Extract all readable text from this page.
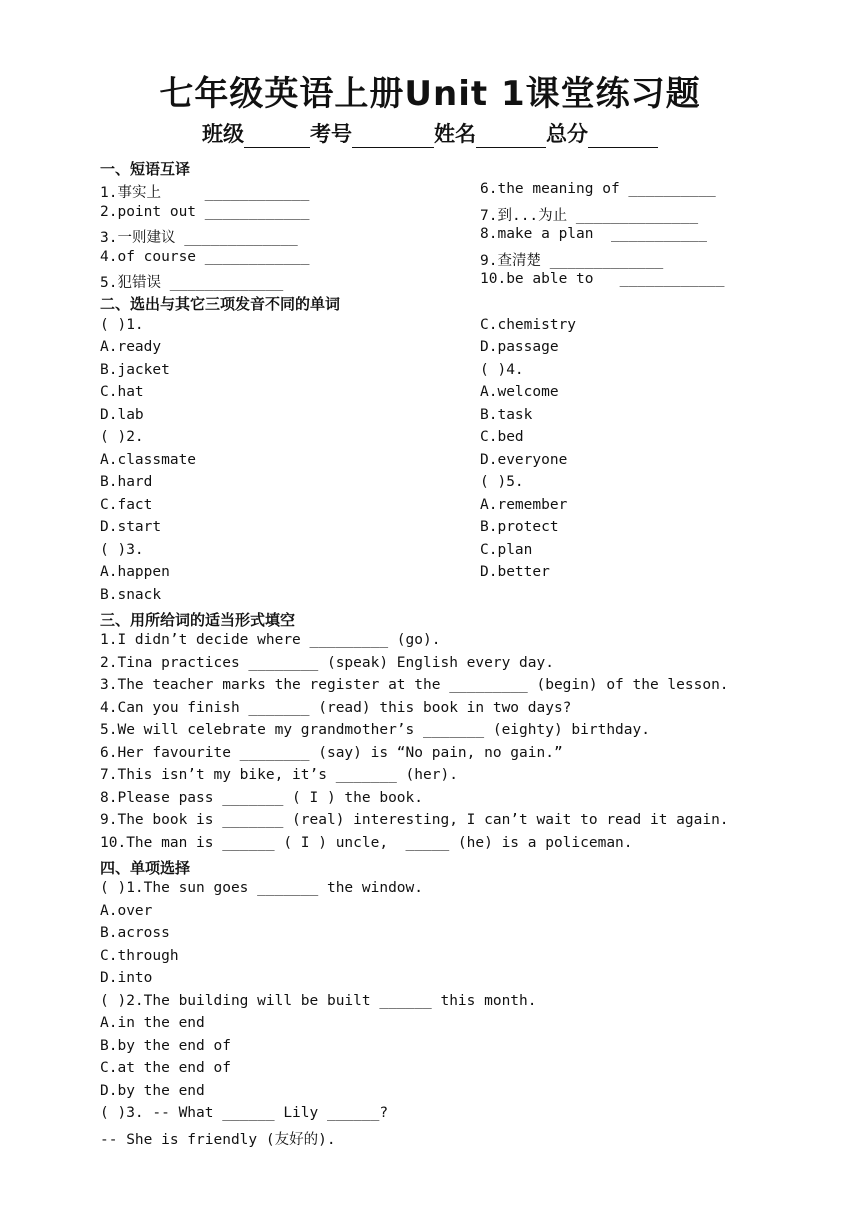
七年级英语上册Unit 1课堂练习题
班级	考号	姓名	总分
一、短语互译
1.事实上     ____________
2.point out ____________
3.一则建议 _____________
4.of course ____________
5.犯错误 _____________
6.the meaning of __________
7.到...为止 ______________
8.make a plan  ___________
9.查清楚 _____________
10.be able to   ____________
二、选出与其它三项发音不同的单词
( )1.
A.ready
B.jacket
C.hat
D.lab
( )2.
A.classmate
B.hard
C.fact
D.start
( )3.
A.happen
B.snack
C.chemistry
D.passage
( )4.
A.welcome
B.task
C.bed
D.everyone
( )5.
A.remember
B.protect
C.plan
D.better
三、用所给词的适当形式填空
1.I didn’t decide where _________ (go).
2.Tina practices ________ (speak) English every day.
3.The teacher marks the register at the _________ (begin) of the lesson.
4.Can you finish _______ (read) this book in two days?
5.We will celebrate my grandmother’s _______ (eighty) birthday.
6.Her favourite ________ (say) is “No pain, no gain.”
7.This isn’t my bike, it’s _______ (her).
8.Please pass _______ ( I ) the book.
9.The book is _______ (real) interesting, I can’t wait to read it again.
10.The man is ______ ( I ) uncle,  _____ (he) is a policeman.
四、单项选择
( )1.The sun goes _______ the window.
A.over
B.across
C.through
D.into
( )2.The building will be built ______ this month.
A.in the end
B.by the end of
C.at the end of
D.by the end
( )3. -- What ______ Lily ______?
-- She is friendly (友好的).
